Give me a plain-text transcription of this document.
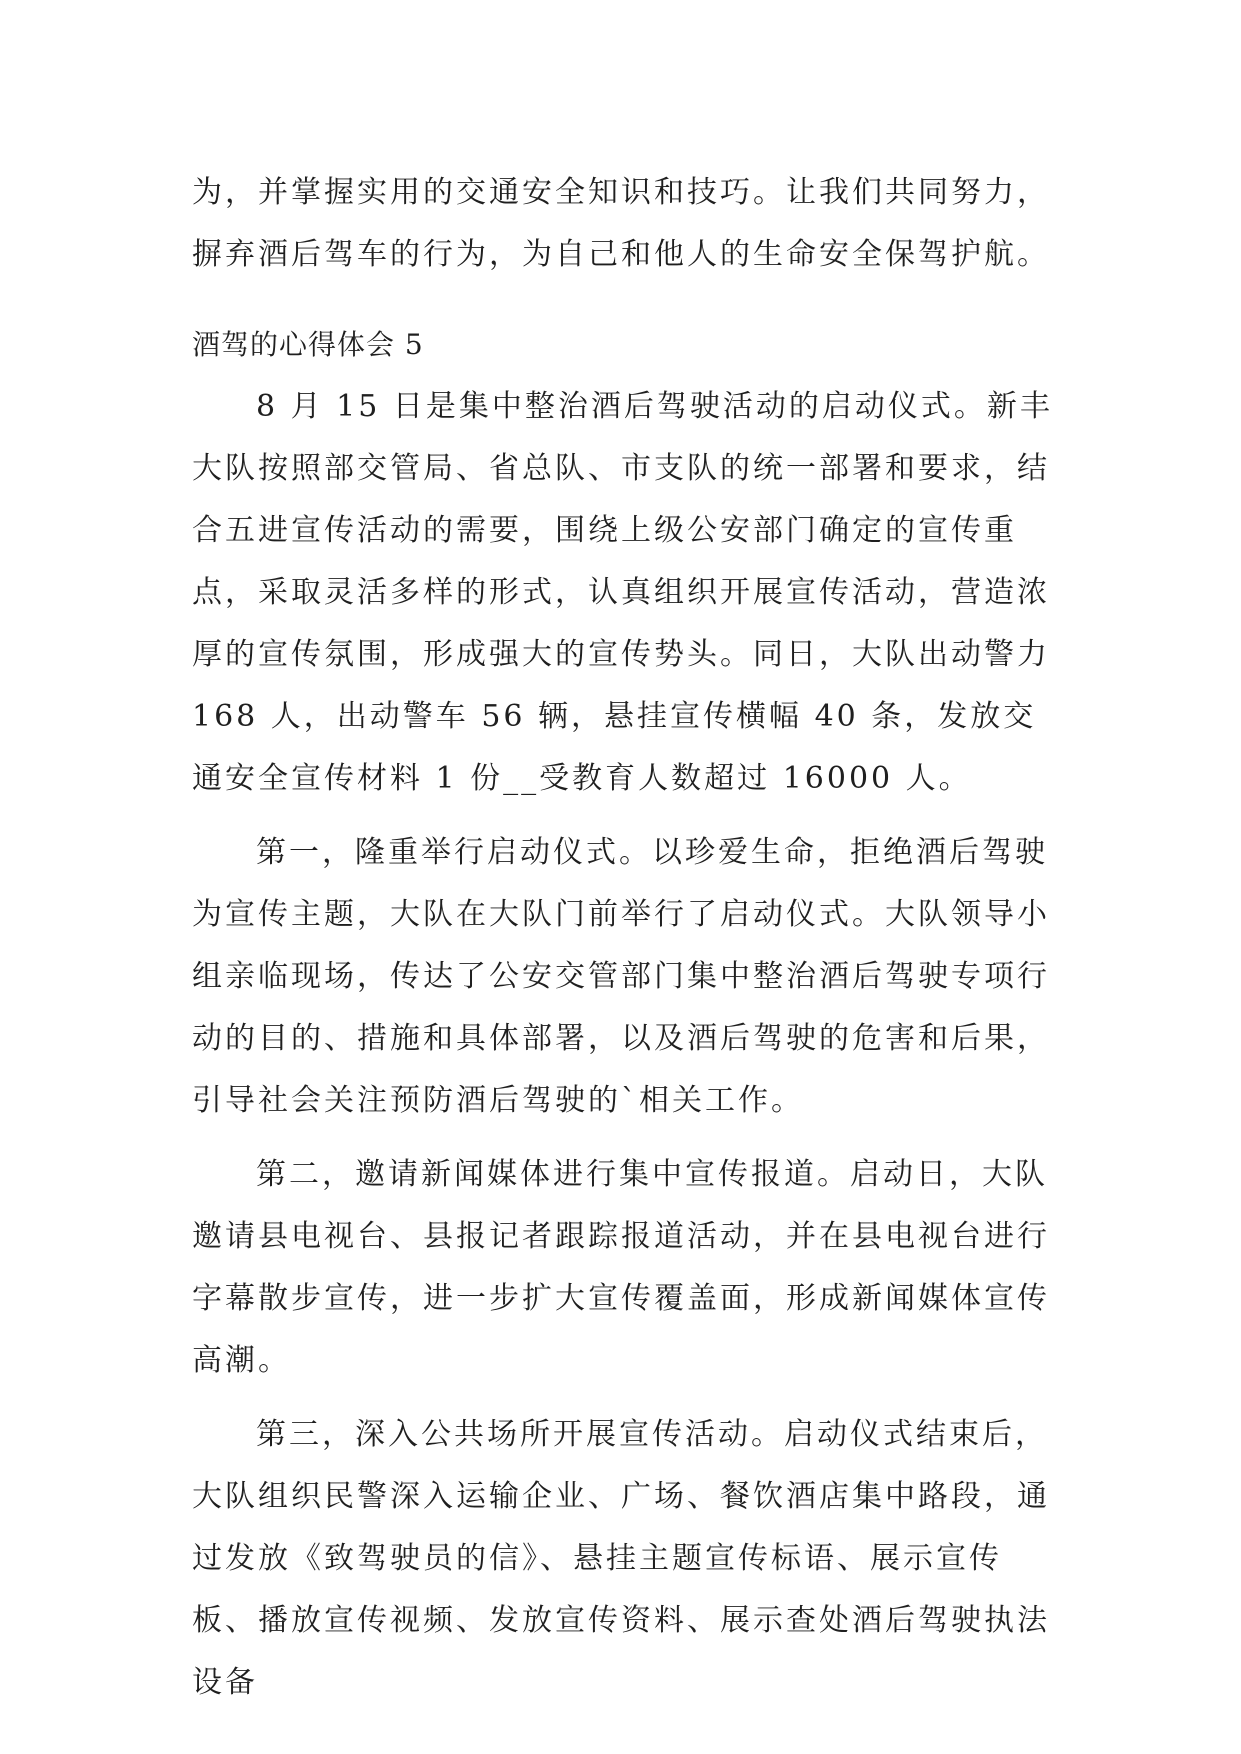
为，并掌握实用的交通安全知识和技巧。让我们共同努力，

摒弃酒后驾车的行为，为自己和他人的生命安全保驾护航。

酒驾的心得体会 5

8 月 15 日是集中整治酒后驾驶活动的启动仪式。新丰大队按照部交管局、省总队、市支队的统一部署和要求，结合五进宣传活动的需要，围绕上级公安部门确定的宣传重点，采取灵活多样的形式，认真组织开展宣传活动，营造浓厚的宣传氛围，形成强大的宣传势头。同日，大队出动警力 168 人，出动警车 56 辆，悬挂宣传横幅 40 条，发放交通安全宣传材料 1 份__受教育人数超过 16000 人。

第一，隆重举行启动仪式。以珍爱生命，拒绝酒后驾驶为宣传主题，大队在大队门前举行了启动仪式。大队领导小组亲临现场，传达了公安交管部门集中整治酒后驾驶专项行动的目的、措施和具体部署，以及酒后驾驶的危害和后果，引导社会关注预防酒后驾驶的`相关工作。

第二，邀请新闻媒体进行集中宣传报道。启动日，大队邀请县电视台、县报记者跟踪报道活动，并在县电视台进行字幕散步宣传，进一步扩大宣传覆盖面，形成新闻媒体宣传高潮。

第三，深入公共场所开展宣传活动。启动仪式结束后，大队组织民警深入运输企业、广场、餐饮酒店集中路段，通过发放《致驾驶员的信》、悬挂主题宣传标语、展示宣传板、播放宣传视频、发放宣传资料、展示查处酒后驾驶执法设备
